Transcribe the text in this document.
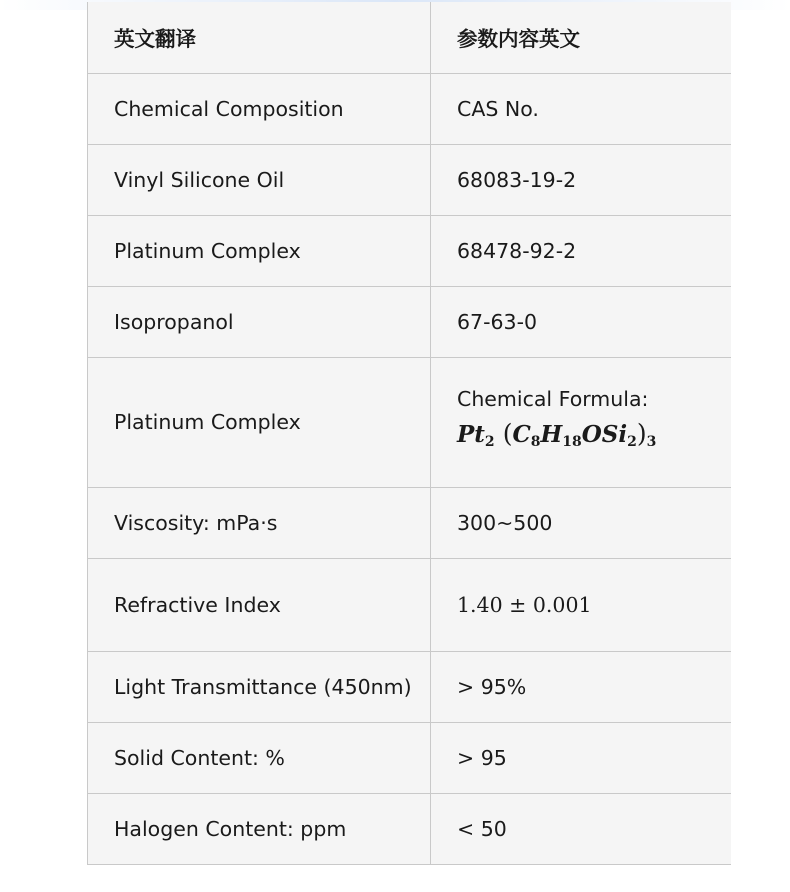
英文翻译	参数内容英文
Chemical Composition	CAS No.
Vinyl Silicone Oil	68083-19-2
Platinum Complex	68478-92-2
Isopropanol	67-63-0
Platinum Complex	Chemical Formula:
$Pt_2$ $(C_8H_{18}OSi_2)_3$

Viscosity: mPa·s	300~500
Refractive Index	1.40 ± 0.001
Light Transmittance (450nm)	> 95%
Solid Content: %	> 95
Halogen Content: ppm	< 50
